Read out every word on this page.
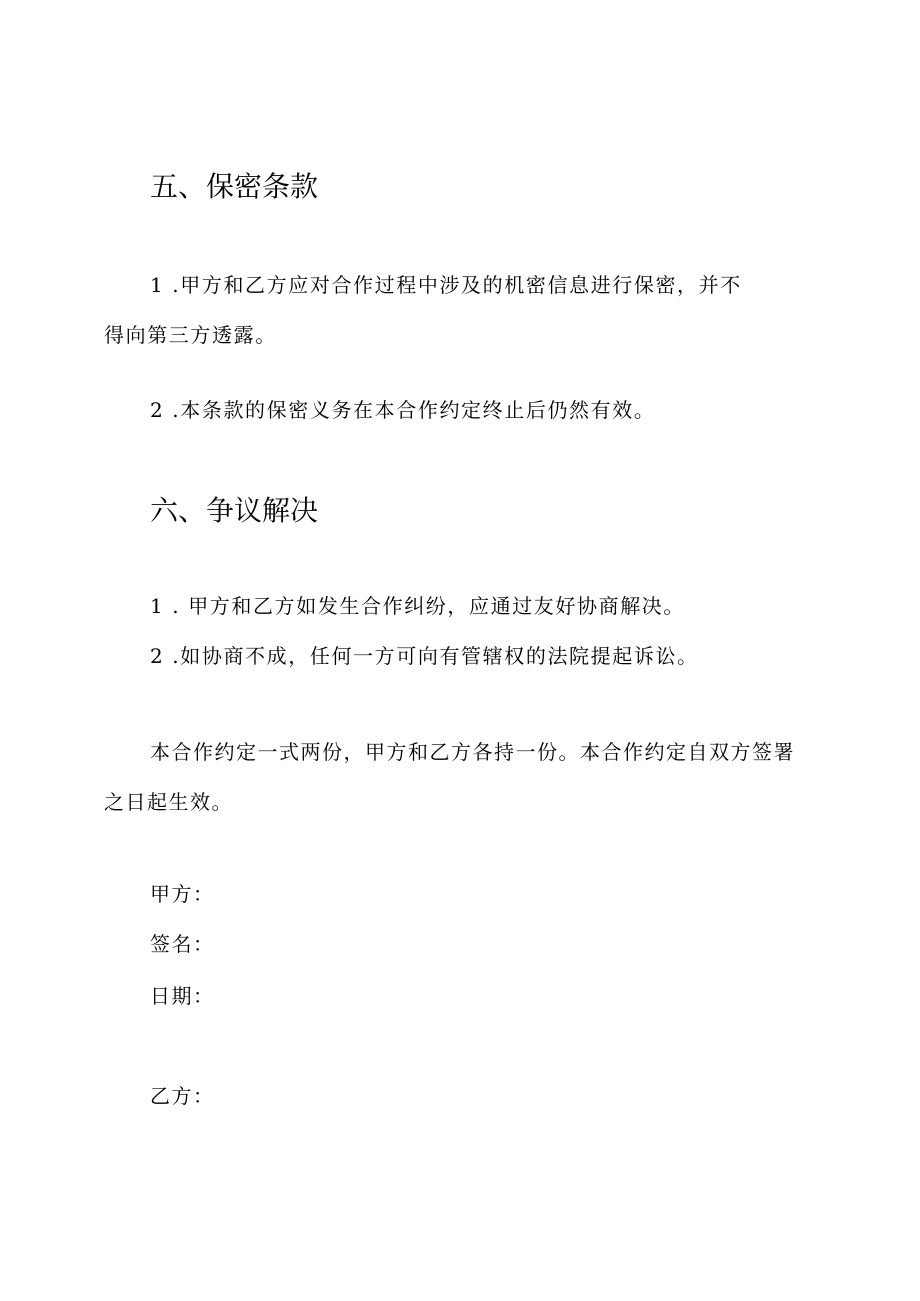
五、保密条款
1 .甲方和乙方应对合作过程中涉及的机密信息进行保密，并不
得向第三方透露。
2 .本条款的保密义务在本合作约定终止后仍然有效。
六、争议解决
1 . 甲方和乙方如发生合作纠纷，应通过友好协商解决。
2 .如协商不成，任何一方可向有管辖权的法院提起诉讼。
本合作约定一式两份，甲方和乙方各持一份。本合作约定自双方签署
之日起生效。
甲方：
签名：
日期：
乙方：
